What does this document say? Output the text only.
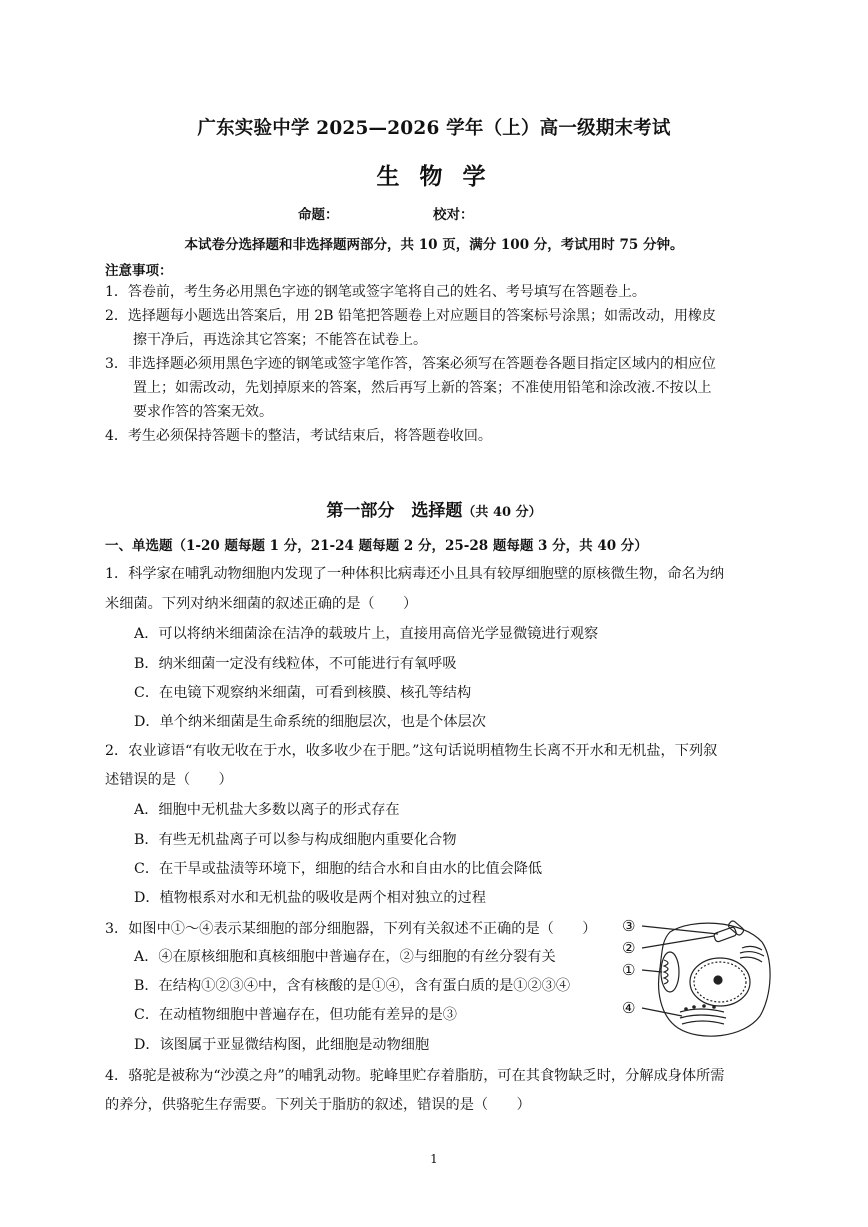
广东实验中学 2025—2026 学年（上）高一级期末考试
生 物 学
命题：	校对：
本试卷分选择题和非选择题两部分，共 10 页，满分 100 分，考试用时 75 分钟。
注意事项：
1．答卷前，考生务必用黑色字迹的钢笔或签字笔将自己的姓名、考号填写在答题卷上。
2．选择题每小题选出答案后，用 2B 铅笔把答题卷上对应题目的答案标号涂黑；如需改动，用橡皮
擦干净后，再选涂其它答案；不能答在试卷上。
3．非选择题必须用黑色字迹的钢笔或签字笔作答，答案必须写在答题卷各题目指定区域内的相应位
置上；如需改动，先划掉原来的答案，然后再写上新的答案；不准使用铅笔和涂改液.不按以上
要求作答的答案无效。
4．考生必须保持答题卡的整洁，考试结束后，将答题卷收回。
第一部分　选择题（共 40 分）
一、单选题（1-20 题每题 1 分，21-24 题每题 2 分，25-28 题每题 3 分，共 40 分）
1．科学家在哺乳动物细胞内发现了一种体积比病毒还小且具有较厚细胞壁的原核微生物，命名为纳
米细菌。下列对纳米细菌的叙述正确的是（　　）
A．可以将纳米细菌涂在洁净的载玻片上，直接用高倍光学显微镜进行观察
B．纳米细菌一定没有线粒体，不可能进行有氧呼吸
C．在电镜下观察纳米细菌，可看到核膜、核孔等结构
D．单个纳米细菌是生命系统的细胞层次，也是个体层次
2．农业谚语“有收无收在于水，收多收少在于肥。”这句话说明植物生长离不开水和无机盐，下列叙
述错误的是（　　）
A．细胞中无机盐大多数以离子的形式存在
B．有些无机盐离子可以参与构成细胞内重要化合物
C．在干旱或盐渍等环境下，细胞的结合水和自由水的比值会降低
D．植物根系对水和无机盐的吸收是两个相对独立的过程
3．如图中①～④表示某细胞的部分细胞器，下列有关叙述不正确的是（　　）
A．④在原核细胞和真核细胞中普遍存在，②与细胞的有丝分裂有关
B．在结构①②③④中，含有核酸的是①④，含有蛋白质的是①②③④
C．在动植物细胞中普遍存在，但功能有差异的是③
D．该图属于亚显微结构图，此细胞是动物细胞
4．骆驼是被称为“沙漠之舟”的哺乳动物。驼峰里贮存着脂肪，可在其食物缺乏时，分解成身体所需
的养分，供骆驼生存需要。下列关于脂肪的叙述，错误的是（　　）
③
②
①
④
1
